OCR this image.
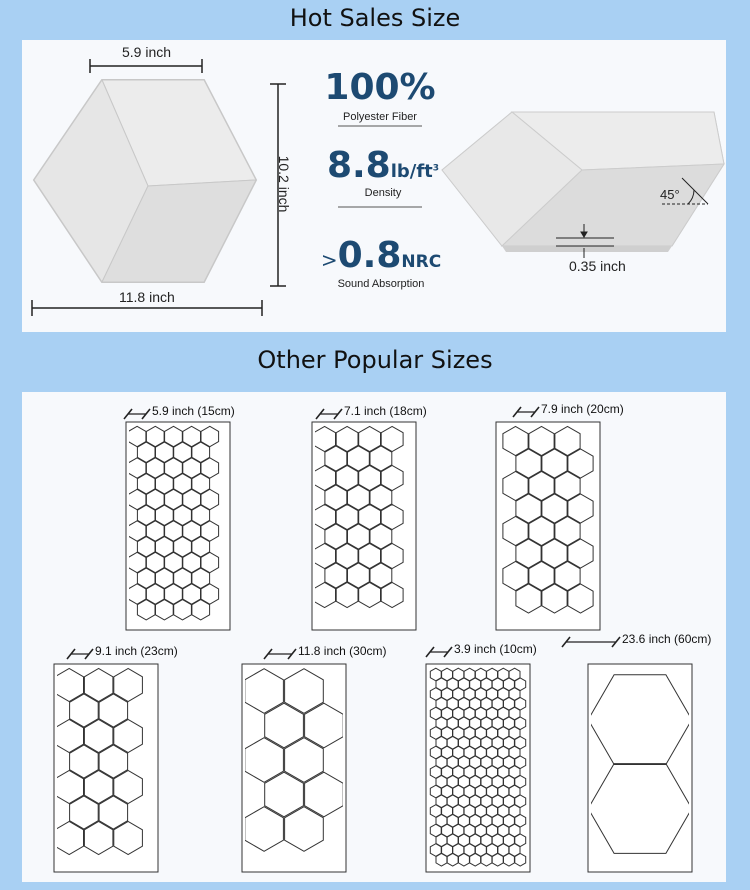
Hot Sales Size
Other Popular Sizes
5.9 inch
11.8 inch
10.2 inch
100%
Polyester Fiber
$8.8lb/ft^3$
Density
>0.8NRC
Sound Absorption
45°
0.35 inch
5.9 inch (15cm)	7.1 inch (18cm)	7.9 inch (20cm)
9.1 inch (23cm)	11.8 inch (30cm)	3.9 inch (10cm)
23.6 inch (60cm)
